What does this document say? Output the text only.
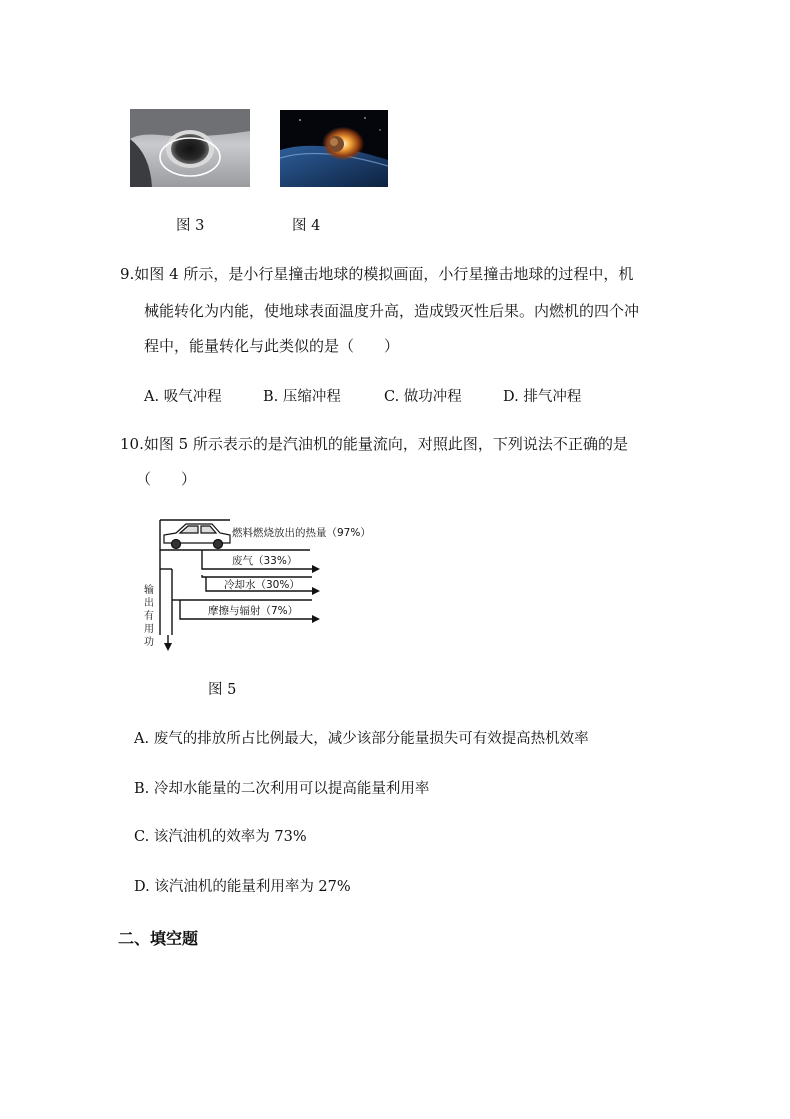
图 3	图 4
9.如图 4 所示，是小行星撞击地球的模拟画面，小行星撞击地球的过程中，机
械能转化为内能，使地球表面温度升高，造成毁灭性后果。内燃机的四个冲
程中，能量转化与此类似的是（　　）
A. 吸气冲程	B. 压缩冲程	C. 做功冲程	D. 排气冲程
10.如图 5 所示表示的是汽油机的能量流向，对照此图，下列说法不正确的是
（　　）
燃料燃烧放出的热量（97%）
废气（33%）
冷却水（30%）
摩擦与辐射（7%）
输
出
有
用
功
图 5
A. 废气的排放所占比例最大，减少该部分能量损失可有效提高热机效率
B. 冷却水能量的二次利用可以提高能量利用率
C. 该汽油机的效率为 73%
D. 该汽油机的能量利用率为 27%
二、填空题
